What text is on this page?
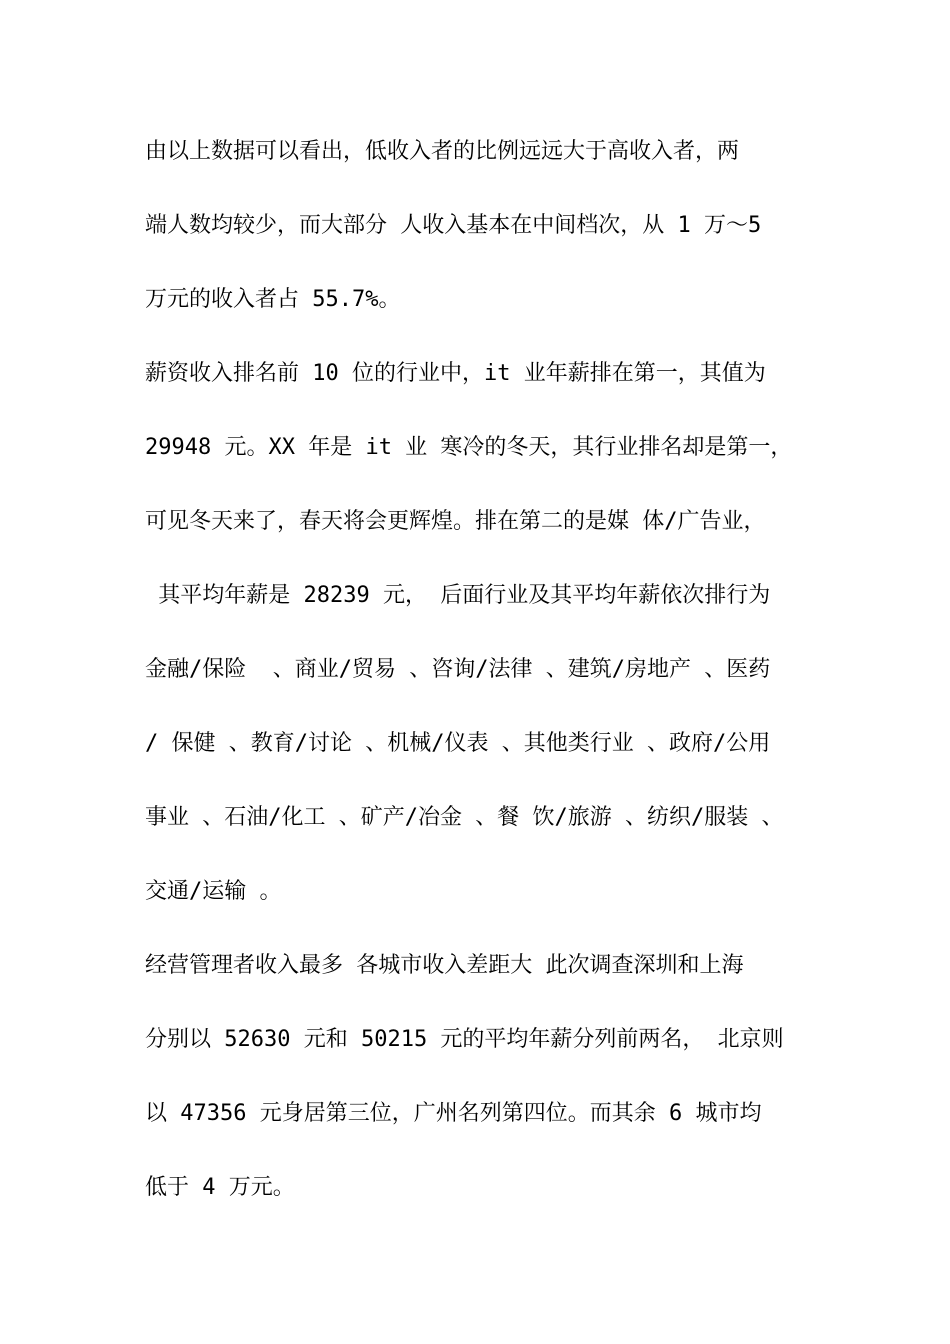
由以上数据可以看出，低收入者的比例远远大于高收入者，两
端人数均较少，而大部分 人收入基本在中间档次，从 1 万～5
万元的收入者占 55.7%。
薪资收入排名前 10 位的行业中，it 业年薪排在第一，其值为
29948 元。XX 年是 it 业 寒冷的冬天，其行业排名却是第一，
可见冬天来了，春天将会更辉煌。排在第二的是媒 体/广告业，
其平均年薪是 28239 元， 后面行业及其平均年薪依次排行为
金融/保险  、商业/贸易 、咨询/法律 、建筑/房地产 、医药
/ 保健 、教育/讨论 、机械/仪表 、其他类行业 、政府/公用
事业 、石油/化工 、矿产/冶金 、餐 饮/旅游 、纺织/服装 、
交通/运输 。
经营管理者收入最多 各城市收入差距大 此次调查深圳和上海
分别以 52630 元和 50215 元的平均年薪分列前两名， 北京则
以 47356 元身居第三位，广州名列第四位。而其余 6 城市均
低于 4 万元。
